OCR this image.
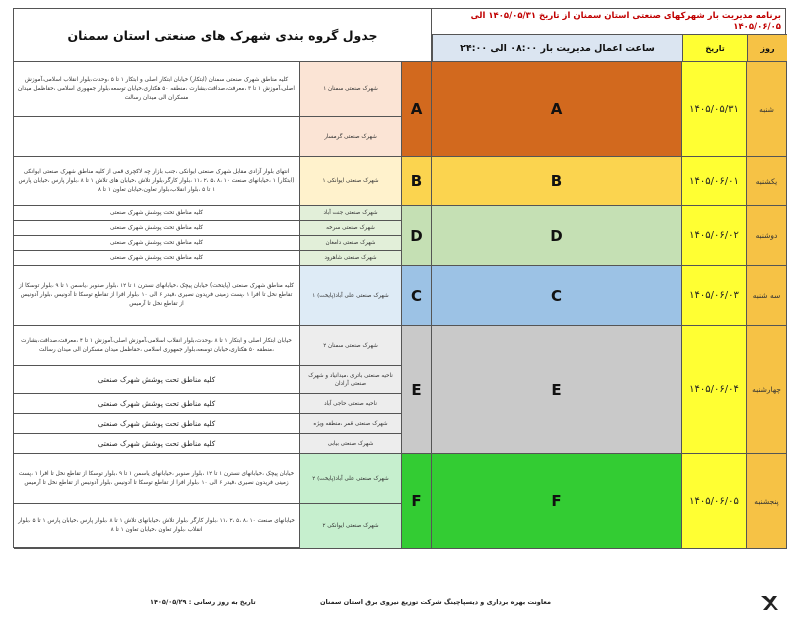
جدول گروه بندی شهرک های صنعتی استان سمنان
برنامه مدیریت بار شهرکهای صنعتی استان سمنان از تاریخ ۱۴۰۵/۰۵/۳۱ الی ۱۴۰۵/۰۶/۰۵
روز
تاریخ
ساعت اعمال مدیریت بار ۰۸:۰۰ الی ۲۴:۰۰
شنبه
۱۴۰۵/۰۵/۳۱
A
A
شهرک صنعتی سمنان ۱
شهرک صنعتی گرمسار
کلیه مناطق شهرک صنعتی سمنان (ابتکار) خیابان ابتکار اصلی و ابتکار ۱ تا ۵ ،وحدت،بلوار انقلاب اسلامی،آموزش اصلی،آموزش ۱ تا ۳ ،معرفت،صداقت،بشارت ،منطقه ۵۰ هکتاری،خیابان توسعه،بلوار جمهوری اسلامی ،حقاظمل میدان مسکران الی میدان رسالت
یکشنبه
۱۴۰۵/۰۶/۰۱
B
B
شهرک صنعتی ایوانکی ۱
انتهای بلوار آزادی مقابل شهرک صنعتی ایوانکی ،جنب بازار چه لاکچری قمی از کلیه مناطق شهرک صنعتی ایوانکی (ابتکار) ۱ ،خیابانهای صنعت ۱۰ ،۸ ،۵ ،۲ ،۱۱ ،بلوار کارگر،بلوار تلاش ،خیابان های تلاش ۱ تا ۸ ،بلوار پارس ،خیابان پارس ۱ تا ۵ ،بلوار انقلاب،بلوار تعاون،خیابان تعاون ۱ تا ۸
دوشنبه
۱۴۰۵/۰۶/۰۲
D
D
شهرک صنعتی جنت آباد
شهرک صنعتی سرخه
شهرک صنعتی دامغان
شهرک صنعتی شاهرود
کلیه مناطق تحت پوشش شهرک صنعتی
کلیه مناطق تحت پوشش شهرک صنعتی
کلیه مناطق تحت پوشش شهرک صنعتی
کلیه مناطق تحت پوشش شهرک صنعتی
سه شنبه
۱۴۰۵/۰۶/۰۳
C
C
شهرک صنعتی علی آباد(پایخت) ۱
کلیه مناطق شهرک صنعتی (پایتخت) خیابان پیچک ،خیابانهای نسترن ۱ تا ۱۲ ،بلوار صنوبر ،یاسمن ۱ تا ۹ ،بلوار توسکا از تقاطع نخل تا افرا ۱ ،پست زمینی فریدون نصیری ،فیدر ۶ الی ۱۰ ،بلوار افرا از تقاطع توسکا تا آدونیس ،بلوار آدونیس از تقاطع نخل تا آرمیس
چهارشنبه
۱۴۰۵/۰۶/۰۴
E
E
شهرک صنعتی سمنان ۲
ناحیه صنعتی باتری ،میدانیاد و شهرک صنعتی آرادان
ناحیه صنعتی حاجی آباد
شهرک صنعتی قمر ،منطقه ویژه
شهرک صنعتی بیابی
خیابان ابتکار اصلی و ابتکار ۱ تا ۸ ،وحدت،بلوار انقلاب اسلامی،آموزش اصلی،آموزش ۱ تا ۴ ،معرفت،صداقت،بشارت ،منطقه ۵۰ هکتاری،خیابان توسعه،بلوار جمهوری اسلامی ،حقاظمل میدان مسکران الی میدان رسالت
کلیه مناطق تحت پوشش شهرک صنعتی
کلیه مناطق تحت پوشش شهرک صنعتی
کلیه مناطق تحت پوشش شهرک صنعتی
کلیه مناطق تحت پوشش شهرک صنعتی
پنجشنبه
۱۴۰۵/۰۶/۰۵
F
F
شهرک صنعتی علی آباد(پایخت) ۲
شهرک صنعتی ایوانکی ۲
خیابان پیچک ،خیابانهای نسترن ۱ تا ۱۲ ،بلوار صنوبر ،خیابانهای یاسمن ۱ تا ۹ ،بلوار توسکا از تقاطع نخل تا افرا ۱ ،پست زمینی فریدون نصیری ،فیدر ۶ الی ۱۰ ،بلوار افرا از تقاطع توسکا تا آدونیس ،بلوار آدونیس از تقاطع نخل تا آرمیس
خیابانهای صنعت ۱۰ ،۸ ،۵ ،۲ ،۱۱ ،بلوار کارگر ،بلوار تلاش ،خیابانهای تلاش ۱ تا ۸ ،بلوار پارس ،خیابان پارس ۱ تا ۵ ،بلوار انقلاب ،بلوار تعاون ،خیابان تعاون ۱ تا ۸
معاونت بهره برداری و دیسپاچینگ شرکت توزیع نیروی برق استان سمنان
تاریخ به روز رسانی : ۱۴۰۵/۰۵/۲۹
